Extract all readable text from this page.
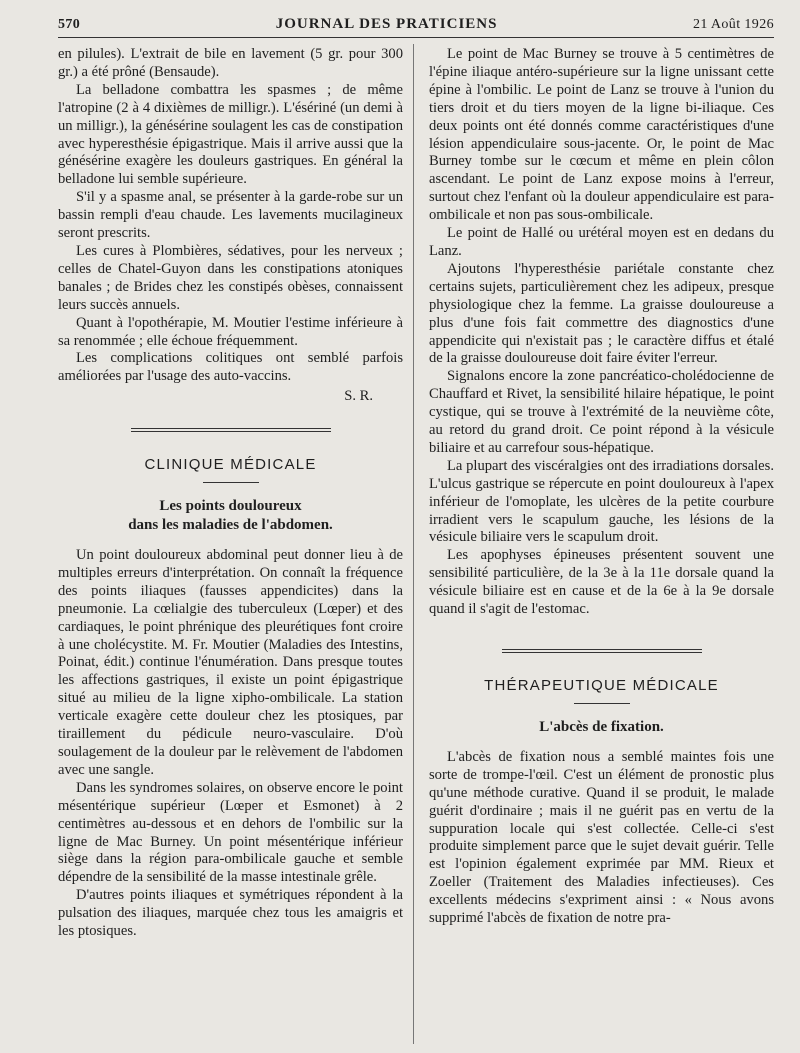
570	JOURNAL DES PRATICIENS	21 Août 1926

en pilules). L'extrait de bile en lavement (5 gr. pour 300 gr.) a été prôné (Bensaude).

La belladone combattra les spasmes ; de même l'atropine (2 à 4 dixièmes de milligr.). L'ésériné (un demi à un milligr.), la génésérine soulagent les cas de constipation avec hyperesthésie épigastrique. Mais il arrive aussi que la génésérine exagère les douleurs gastriques. En général la belladone lui semble supérieure.

S'il y a spasme anal, se présenter à la garde-robe sur un bassin rempli d'eau chaude. Les lavements mucilagineux seront prescrits.

Les cures à Plombières, sédatives, pour les nerveux ; celles de Chatel-Guyon dans les constipations atoniques banales ; de Brides chez les constipés obèses, connaissent leurs succès annuels.

Quant à l'opothérapie, M. Moutier l'estime inférieure à sa renommée ; elle échoue fréquemment.

Les complications colitiques ont semblé parfois améliorées par l'usage des auto-vaccins.

S. R.
CLINIQUE MÉDICALE
Les points douloureux
dans les maladies de l'abdomen.

Un point douloureux abdominal peut donner lieu à de multiples erreurs d'interprétation. On connaît la fréquence des points iliaques (fausses appendicites) dans la pneumonie. La cœlialgie des tuberculeux (Lœper) et des cardiaques, le point phrénique des pleurétiques font croire à une cholécystite. M. Fr. Moutier (Maladies des Intestins, Poinat, édit.) continue l'énumération. Dans presque toutes les affections gastriques, il existe un point épigastrique situé au milieu de la ligne xipho-ombilicale. La station verticale exagère cette douleur chez les ptosiques, par tiraillement du pédicule neuro-vasculaire. D'où soulagement de la douleur par le relèvement de l'abdomen avec une sangle.

Dans les syndromes solaires, on observe encore le point mésentérique supérieur (Lœper et Esmonet) à 2 centimètres au-dessous et en dehors de l'ombilic sur la ligne de Mac Burney. Un point mésentérique inférieur siège dans la région para-ombilicale gauche et semble dépendre de la sensibilité de la masse intestinale grêle.

D'autres points iliaques et symétriques répondent à la pulsation des iliaques, marquée chez tous les amaigris et les ptosiques.

Le point de Mac Burney se trouve à 5 centimètres de l'épine iliaque antéro-supérieure sur la ligne unissant cette épine à l'ombilic. Le point de Lanz se trouve à l'union du tiers droit et du tiers moyen de la ligne bi-iliaque. Ces deux points ont été donnés comme caractéristiques d'une lésion appendiculaire sous-jacente. Or, le point de Mac Burney tombe sur le cœcum et même en plein côlon ascendant. Le point de Lanz expose moins à l'erreur, surtout chez l'enfant où la douleur appendiculaire est para-ombilicale et non pas sous-ombilicale.

Le point de Hallé ou urétéral moyen est en dedans du Lanz.

Ajoutons l'hyperesthésie pariétale constante chez certains sujets, particulièrement chez les adipeux, presque physiologique chez la femme. La graisse douloureuse a plus d'une fois fait commettre des diagnostics d'une appendicite qui n'existait pas ; le caractère diffus et étalé de la graisse douloureuse doit faire éviter l'erreur.

Signalons encore la zone pancréatico-cholédocienne de Chauffard et Rivet, la sensibilité hilaire hépatique, le point cystique, qui se trouve à l'extrémité de la neuvième côte, au retord du grand droit. Ce point répond à la vésicule biliaire et au carrefour sous-hépatique.

La plupart des viscéralgies ont des irradiations dorsales. L'ulcus gastrique se répercute en point douloureux à l'apex inférieur de l'omoplate, les ulcères de la petite courbure irradient vers le scapulum gauche, les lésions de la vésicule biliaire vers le scapulum droit.

Les apophyses épineuses présentent souvent une sensibilité particulière, de la 3e à la 11e dorsale quand la vésicule biliaire est en cause et de la 6e à la 9e dorsale quand il s'agit de l'estomac.

THÉRAPEUTIQUE MÉDICALE
L'abcès de fixation.

L'abcès de fixation nous a semblé maintes fois une sorte de trompe-l'œil. C'est un élément de pronostic plus qu'une méthode curative. Quand il se produit, le malade guérit d'ordinaire ; mais il ne guérit pas en vertu de la suppuration locale qui s'est collectée. Celle-ci s'est produite simplement parce que le sujet devait guérir. Telle est l'opinion également exprimée par MM. Rieux et Zoeller (Traitement des Maladies infectieuses). Ces excellents médecins s'expriment ainsi : « Nous avons supprimé l'abcès de fixation de notre pra-
